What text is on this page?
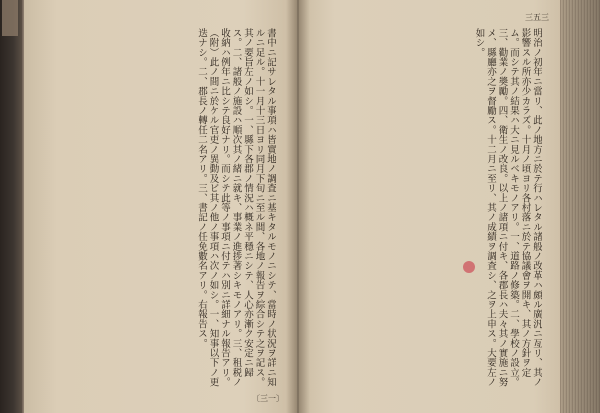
書中ニ記サレタル事項ハ皆實地ノ調査ニ基キタルモノニシテ、當時ノ状況ヲ詳ニ知ルニ足ル。十一月十三日ヨリ同月下旬ニ至ル間、各地ノ報告ヲ綜合シテ之ヲ記ス。其ノ要旨左ノ如シ。一、縣下各郡ノ情況ハ概ネ平穩ニシテ、人心亦漸ク安定ニ歸ス。二、諸般ノ施設ハ順次其ノ緒ニ就キ、事業ノ進捗著シキモノアリ。三、租税ノ收納ハ例年ニ比シテ良好ナリ。而シテ此等ノ事項ニ付テハ別ニ詳細ナル報告アリ。（附）此ノ間ニ於ケル官吏ノ異動及ビ其ノ他ノ事項ハ次ノ如シ。一、知事以下ノ更迭ナシ。二、郡長ノ轉任二名アリ。三、書記ノ任免數名アリ。右報告ス。	明治ノ初年ニ當リ、此ノ地方ニ於テ行ハレタル諸般ノ改革ハ頗ル廣汎ニ亙リ、其ノ影響スル所亦少カラズ。十月ノ頃ヨリ各村落ニ於テ協議會ヲ開キ、其ノ方針ヲ定ム。而シテ其ノ結果ハ大ニ見ルベキモノアリ。一、道路ノ修築。二、學校ノ設立。三、勸業ノ奬勵。四、衛生ノ改良。以上ノ諸項ニ付キ、各郡長ハ夫々其ノ實施ニ努メ、縣廳亦之ヲ督勵ス。十二月ニ至リ、其ノ成績ヲ調査シ、之ヲ上申ス。大要左ノ如シ。
〔三一〕
三五三
